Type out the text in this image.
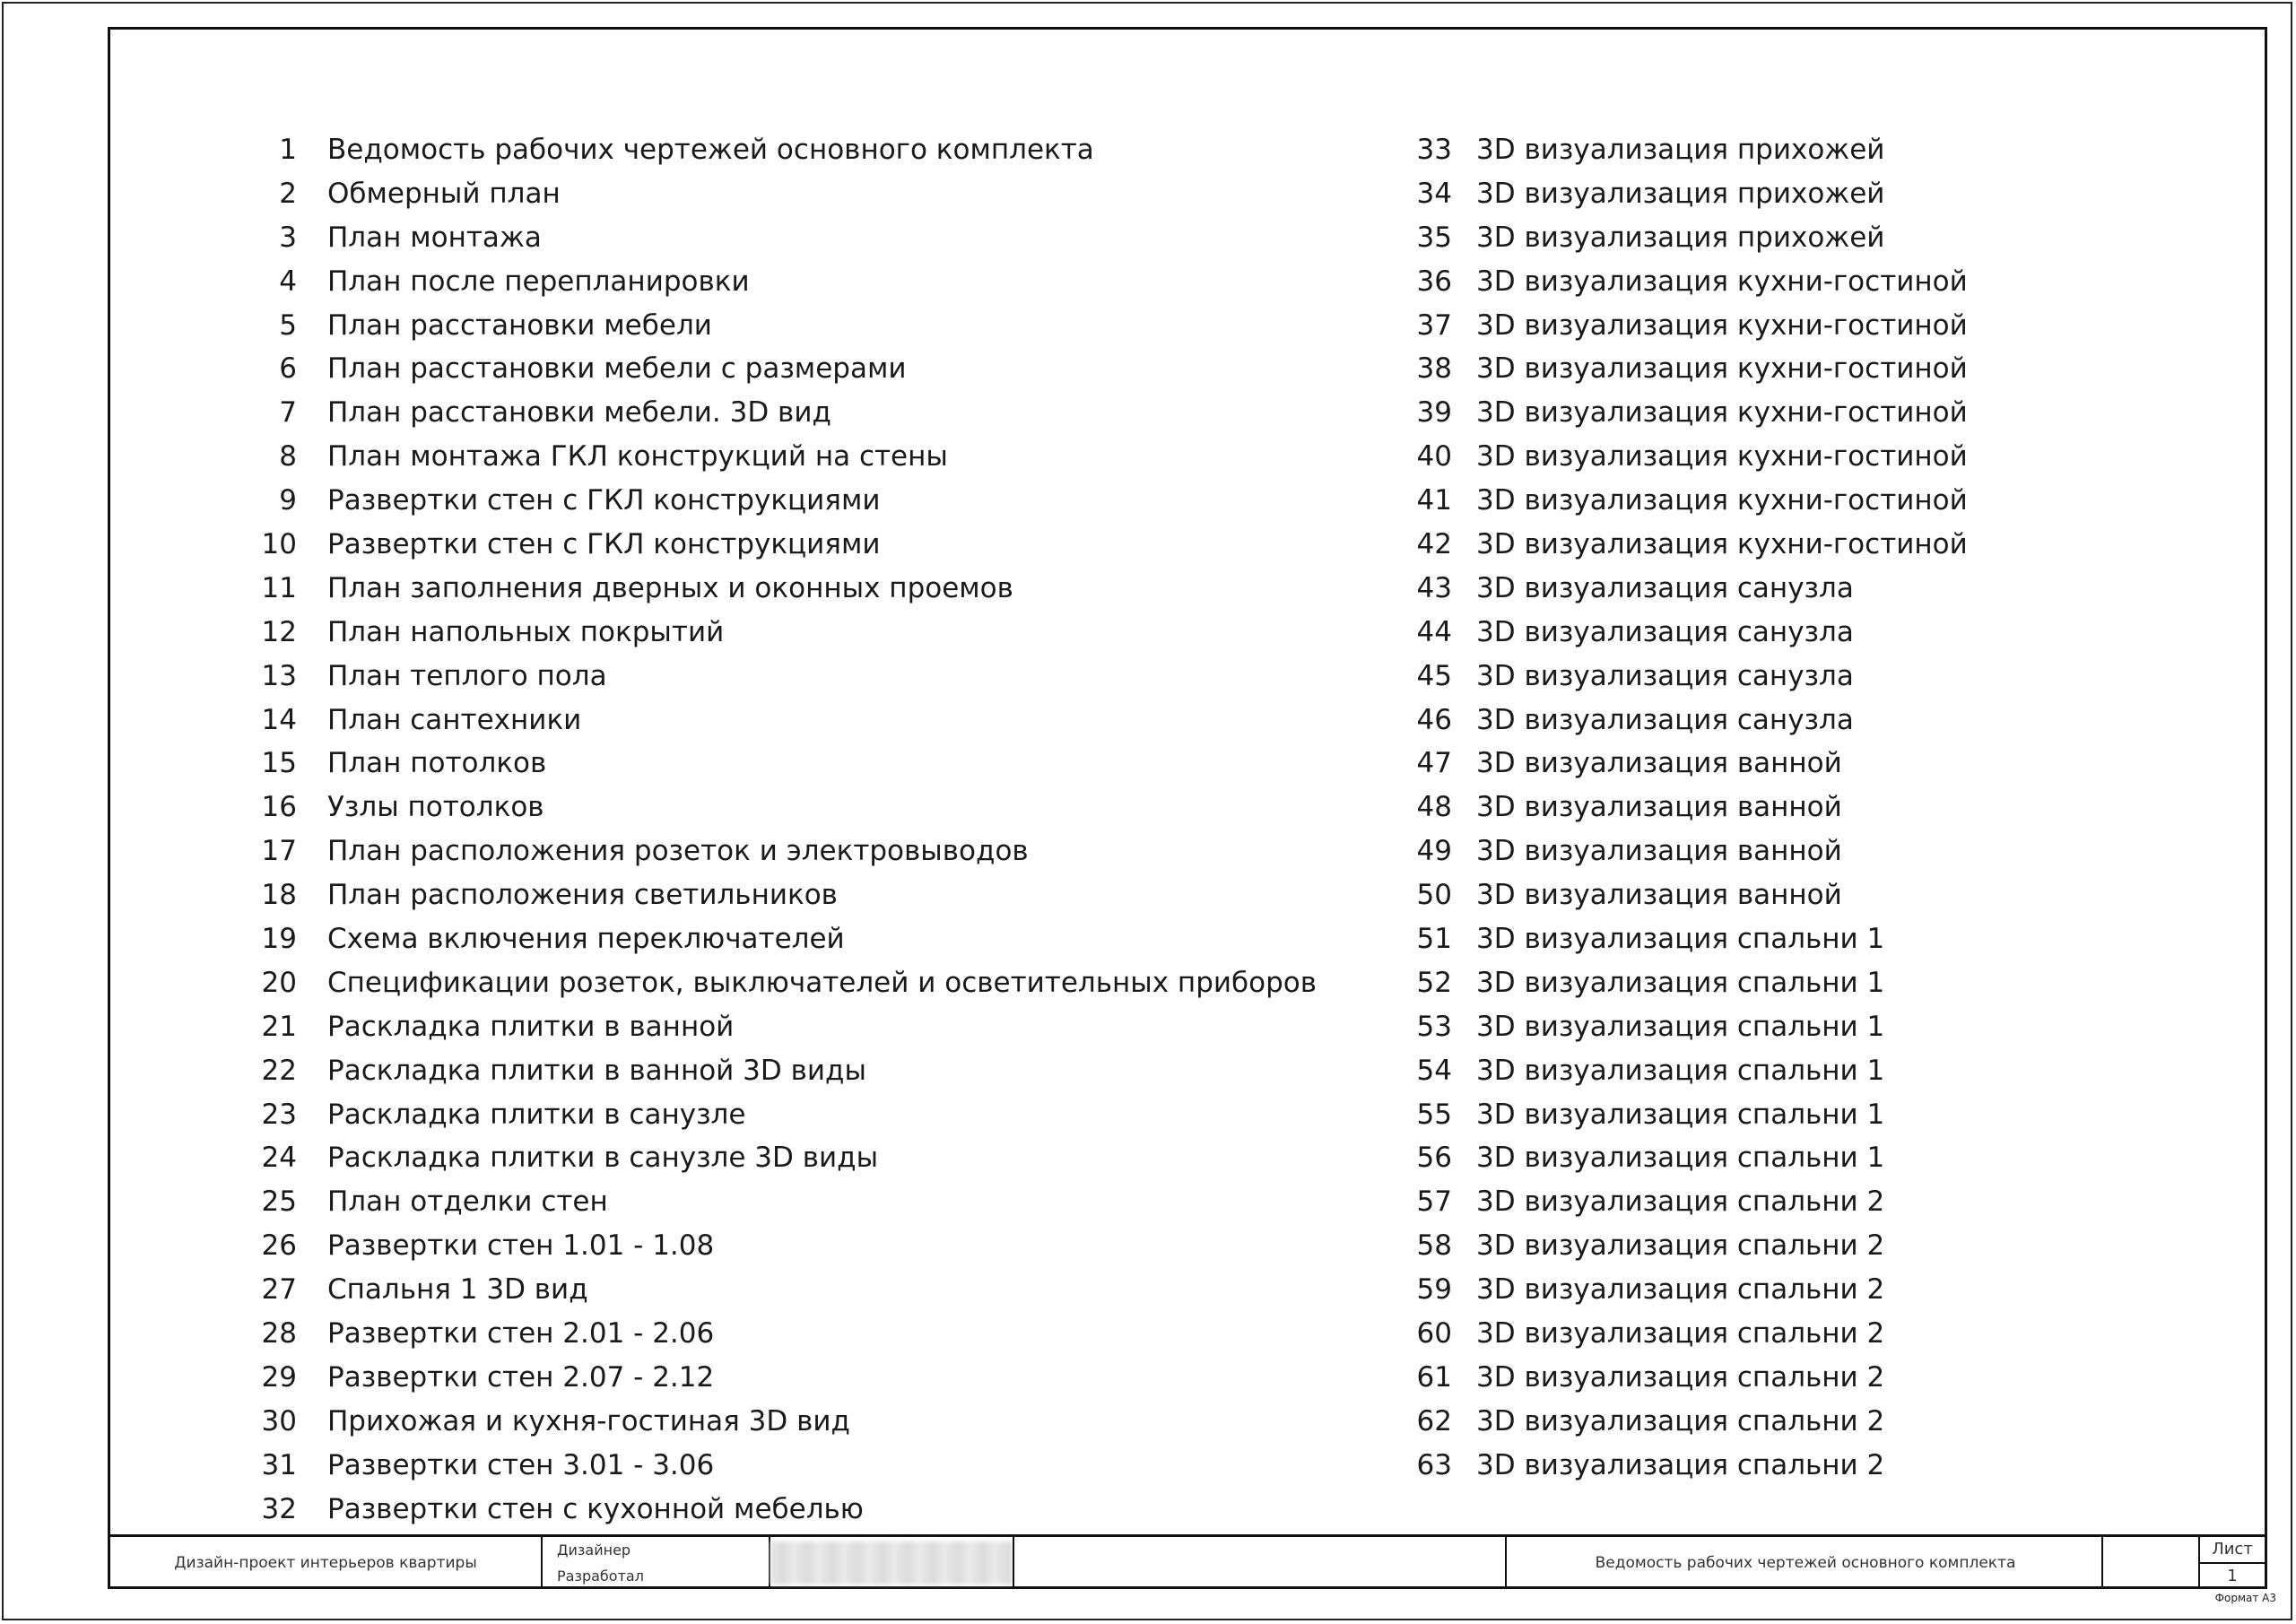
1 Ведомость рабочих чертежей основного комплекта
2 Обмерный план
3 План монтажа
4 План после перепланировки
5 План расстановки мебели
6 План расстановки мебели с размерами
7 План расстановки мебели. 3D вид
8 План монтажа ГКЛ конструкций на стены
9 Развертки стен с ГКЛ конструкциями
10 Развертки стен с ГКЛ конструкциями
11 План заполнения дверных и оконных проемов
12 План напольных покрытий
13 План теплого пола
14 План сантехники
15 План потолков
16 Узлы потолков
17 План расположения розеток и электровыводов
18 План расположения светильников
19 Схема включения переключателей
20 Спецификации розеток, выключателей и осветительных приборов
21 Раскладка плитки в ванной
22 Раскладка плитки в ванной 3D виды
23 Раскладка плитки в санузле
24 Раскладка плитки в санузле 3D виды
25 План отделки стен
26 Развертки стен 1.01 - 1.08
27 Спальня 1 3D вид
28 Развертки стен 2.01 - 2.06
29 Развертки стен 2.07 - 2.12
30 Прихожая и кухня-гостиная 3D вид
31 Развертки стен 3.01 - 3.06
32 Развертки стен с кухонной мебелью
33 3D визуализация прихожей
34 3D визуализация прихожей
35 3D визуализация прихожей
36 3D визуализация кухни-гостиной
37 3D визуализация кухни-гостиной
38 3D визуализация кухни-гостиной
39 3D визуализация кухни-гостиной
40 3D визуализация кухни-гостиной
41 3D визуализация кухни-гостиной
42 3D визуализация кухни-гостиной
43 3D визуализация санузла
44 3D визуализация санузла
45 3D визуализация санузла
46 3D визуализация санузла
47 3D визуализация ванной
48 3D визуализация ванной
49 3D визуализация ванной
50 3D визуализация ванной
51 3D визуализация спальни 1
52 3D визуализация спальни 1
53 3D визуализация спальни 1
54 3D визуализация спальни 1
55 3D визуализация спальни 1
56 3D визуализация спальни 1
57 3D визуализация спальни 2
58 3D визуализация спальни 2
59 3D визуализация спальни 2
60 3D визуализация спальни 2
61 3D визуализация спальни 2
62 3D визуализация спальни 2
63 3D визуализация спальни 2
Дизайн-проект интерьеров квартиры
Дизайнер
Разработал
Ведомость рабочих чертежей основного комплекта
Лист
1
Формат А3
